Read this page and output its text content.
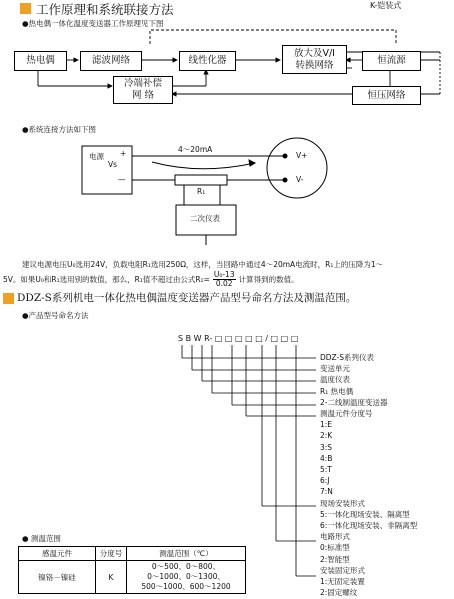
工作原理和系统联接方法	K-铠装式
●热电偶一体化温度变送器工作原理见下图
热电偶	滤波网络	线性化器
放大及V/I
转换网络	恒流源
冷端补偿
网 络	恒压网络
●系统连接方法如下图
电源
Vs
+
—
4～20mA
R₁
二次仪表
V+
V-
建议电源电压U₀选用24V，负载电阻R₁选用250Ω，这样，当回路中通过4～20mA电流时，R₁上的压降为1～
5V。如果U₀和R₁选用别的数值，那么，R₁值不超过由公式$R_1= \frac{\text{U₀-13}}{0.02}$ 计算得到的数值。
DDZ-S系列机电一体化热电偶温度变送器产品型号命名方法及测温范围。
●产品型号命名方法
S B W R- □ □ □ □ □ / □ □ □
DDZ-S系列仪表
变送单元
温度仪表
R₁ 热电偶
2-二线制温度变送器
测温元件分度号
1:E
2:K
3:S
4:B
5:T
6:J
7:N
现场安装形式
5:一体化现场安装、隔离型
6:一体化现场安装、非隔离型
电路形式
0:标准型
2:智能型
安装固定形式
1:无固定装置
2:固定螺纹
● 测温范围
感温元件	分度号	测温范围（℃）
镍铬－镍硅	K	0～500、0～800、
0～1000、0～1300、
500～1000、600～1200
